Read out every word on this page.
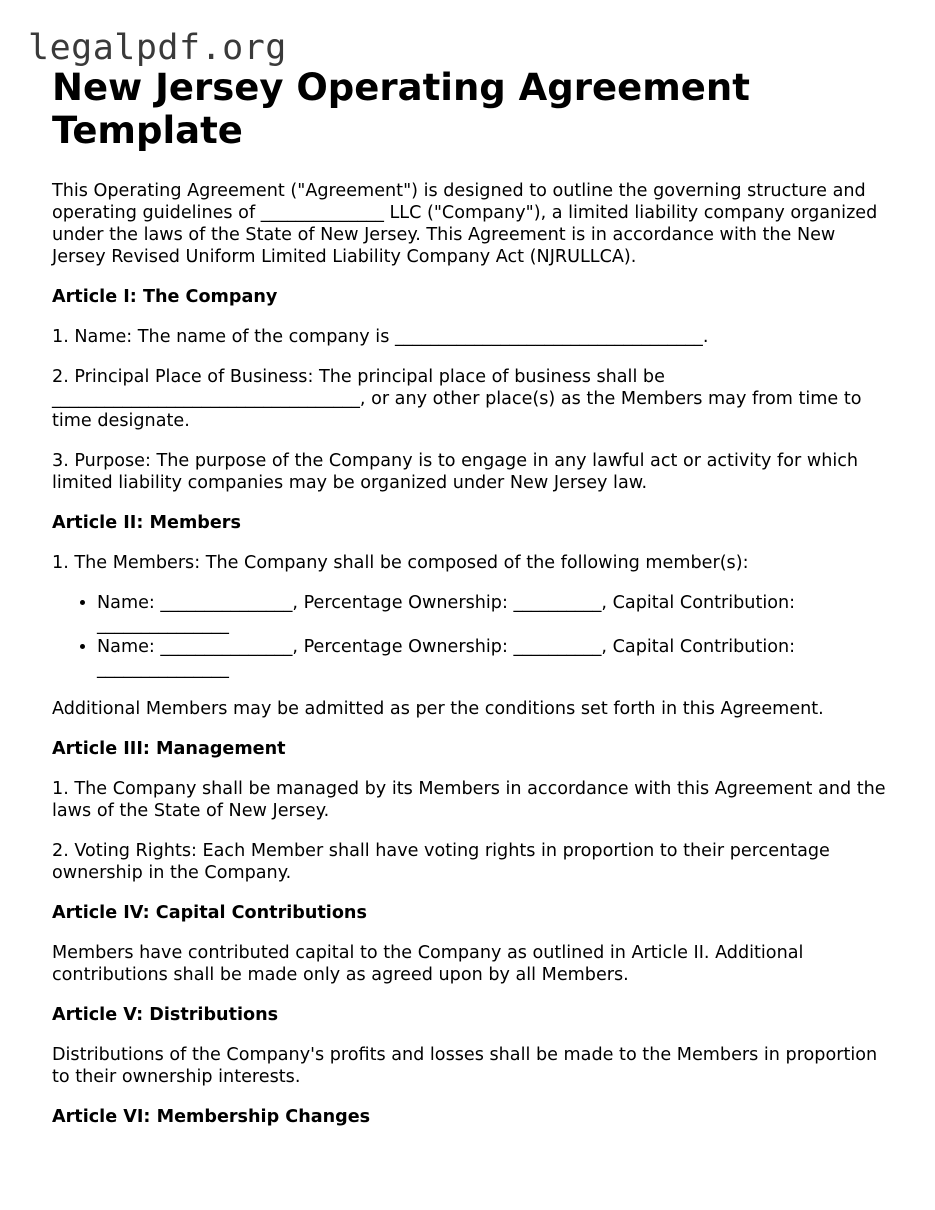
legalpdf.org
New Jersey Operating Agreement Template

This Operating Agreement ("Agreement") is designed to outline the governing structure and operating guidelines of ______________ LLC ("Company"), a limited liability company organized under the laws of the State of New Jersey. This Agreement is in accordance with the New Jersey Revised Uniform Limited Liability Company Act (NJRULLCA).

Article I: The Company

1. Name: The name of the company is ___________________________________.

2. Principal Place of Business: The principal place of business shall be ___________________________________, or any other place(s) as the Members may from time to time designate.

3. Purpose: The purpose of the Company is to engage in any lawful act or activity for which limited liability companies may be organized under New Jersey law.

Article II: Members

1. The Members: The Company shall be composed of the following member(s):

• Name: _______________, Percentage Ownership: __________, Capital Contribution: _______________
• Name: _______________, Percentage Ownership: __________, Capital Contribution: _______________

Additional Members may be admitted as per the conditions set forth in this Agreement.

Article III: Management

1. The Company shall be managed by its Members in accordance with this Agreement and the laws of the State of New Jersey.

2. Voting Rights: Each Member shall have voting rights in proportion to their percentage ownership in the Company.

Article IV: Capital Contributions

Members have contributed capital to the Company as outlined in Article II. Additional contributions shall be made only as agreed upon by all Members.

Article V: Distributions

Distributions of the Company's profits and losses shall be made to the Members in proportion to their ownership interests.

Article VI: Membership Changes
